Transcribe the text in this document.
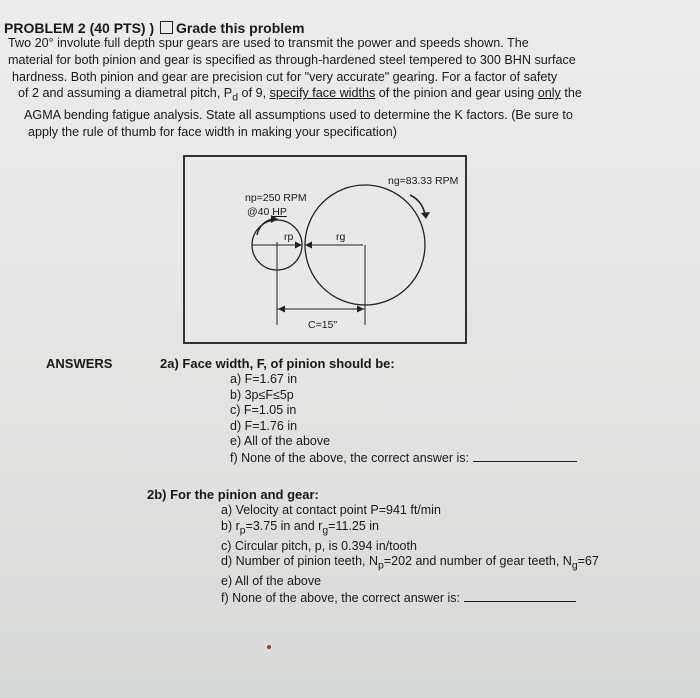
PROBLEM 2 (40 PTS) ) Grade this problem

Two 20° involute full depth spur gears are used to transmit the power and speeds shown. The

material for both pinion and gear is specified as through-hardened steel tempered to 300 BHN surface

hardness. Both pinion and gear are precision cut for "very accurate" gearing. For a factor of safety

of 2 and assuming a diametral pitch, $P_d$ of 9, specify face widths of the pinion and gear using only the

AGMA bending fatigue analysis. State all assumptions used to determine the K factors. (Be sure to

apply the rule of thumb for face width in making your specification)

ng=83.33 RPM
np=250 RPM
@40 HP
rp	rg
C=15"
ANSWERS	2a) Face width, F, of pinion should be:
a) F=1.67 in
b) 3p≤F≤5p
c) F=1.05 in
d) F=1.76 in
e) All of the above
f) None of the above, the correct answer is:
2b) For the pinion and gear:
a) Velocity at contact point P=941 ft/min
b) $r_p=3.75$ in and $r_g=11.25$ in
c) Circular pitch, p, is 0.394 in/tooth
d) Number of pinion teeth, $N_p=202$ and number of gear teeth, $N_g=67$
e) All of the above
f) None of the above, the correct answer is:
